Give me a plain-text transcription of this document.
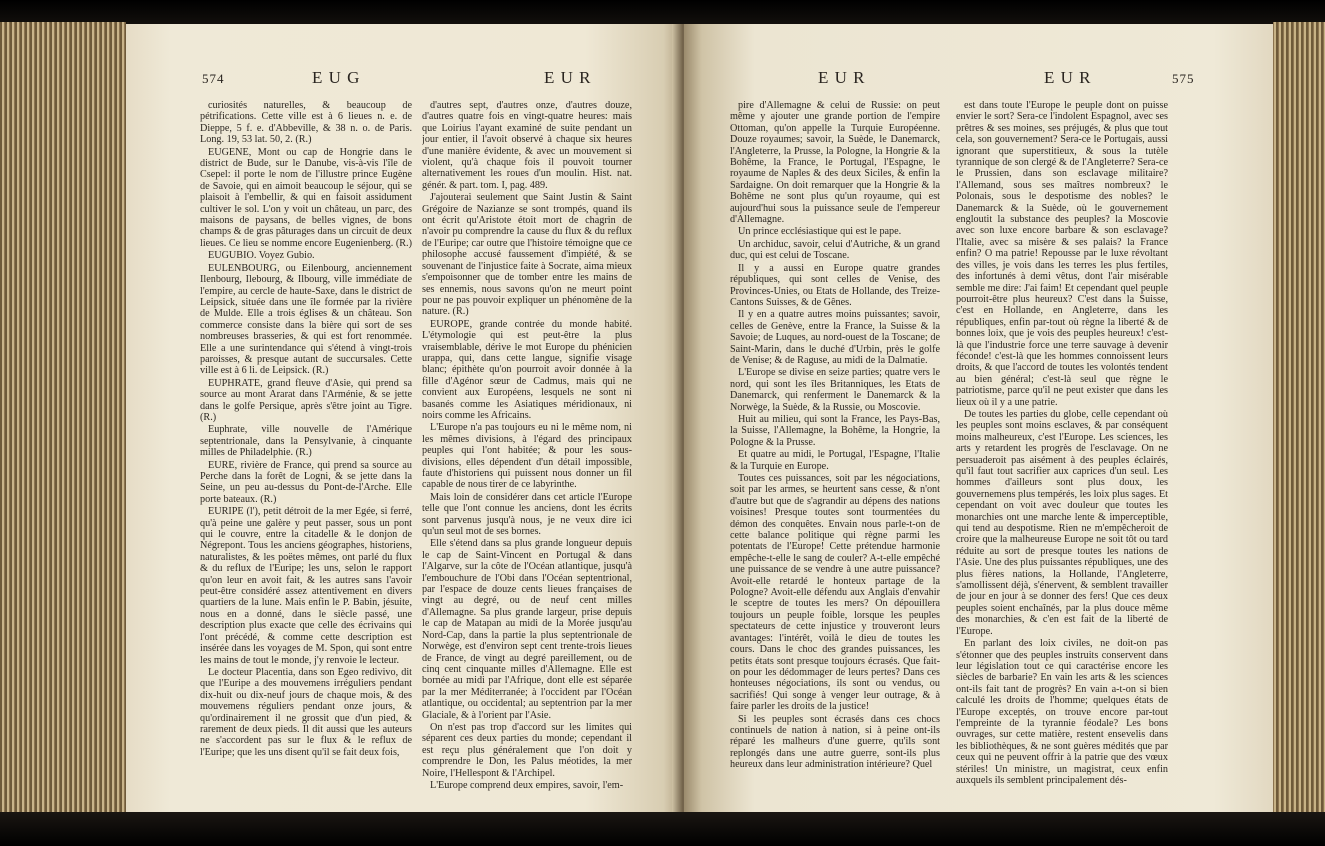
574	E U G	E U R

curiosités naturelles, & beaucoup de pétrifications. Cette ville est à 6 lieues n. e. de Dieppe, 5 f. e. d'Abbeville, & 38 n. o. de Paris. Long. 19, 53 lat. 50, 2. (R.)

EUGENE, Mont ou cap de Hongrie dans le district de Bude, sur le Danube, vis-à-vis l'île de Csepel: il porte le nom de l'illustre prince Eugène de Savoie, qui en aimoit beaucoup le séjour, qui se plaisoit à l'embellir, & qui en faisoit assidument cultiver le sol. L'on y voit un château, un parc, des maisons de paysans, de belles vignes, de bons champs & de gras pâturages dans un circuit de deux lieues. Ce lieu se nomme encore Eugenienberg. (R.)

EUGUBIO. Voyez Gubio.

EULENBOURG, ou Eilenbourg, anciennement Ilenbourg, Ilebourg, & Ilbourg, ville immédiate de l'empire, au cercle de haute-Saxe, dans le district de Leipsick, située dans une île formée par la rivière de Mulde. Elle a trois églises & un château. Son commerce consiste dans la bière qui sort de ses nombreuses brasseries, & qui est fort renommée. Elle a une surintendance qui s'étend à vingt-trois paroisses, & presque autant de succursales. Cette ville est à 6 li. de Leipsick. (R.)

EUPHRATE, grand fleuve d'Asie, qui prend sa source au mont Ararat dans l'Arménie, & se jette dans le golfe Persique, après s'être joint au Tigre. (R.)

Euphrate, ville nouvelle de l'Amérique septentrionale, dans la Pensylvanie, à cinquante milles de Philadelphie. (R.)

EURE, rivière de France, qui prend sa source au Perche dans la forêt de Logni, & se jette dans la Seine, un peu au-dessus du Pont-de-l'Arche. Elle porte bateaux. (R.)

EURIPE (l'), petit détroit de la mer Egée, si ferré, qu'à peine une galère y peut passer, sous un pont qui le couvre, entre la citadelle & le donjon de Négrepont. Tous les anciens géographes, historiens, naturalistes, & les poëtes mêmes, ont parlé du flux & du reflux de l'Euripe; les uns, selon le rapport qu'on leur en avoit fait, & les autres sans l'avoir peut-être considéré assez attentivement en divers quartiers de la lune. Mais enfin le P. Babin, jésuite, nous en a donné, dans le siècle passé, une description plus exacte que celle des écrivains qui l'ont précédé, & comme cette description est insérée dans les voyages de M. Spon, qui sont entre les mains de tout le monde, j'y renvoie le lecteur.

Le docteur Placentia, dans son Egeo redivivo, dit que l'Euripe a des mouvemens irréguliers pendant dix-huit ou dix-neuf jours de chaque mois, & des mouvemens réguliers pendant onze jours, & qu'ordinairement il ne grossit que d'un pied, & rarement de deux pieds. Il dit aussi que les auteurs ne s'accordent pas sur le flux & le reflux de l'Euripe; que les uns disent qu'il se fait deux fois,

d'autres sept, d'autres onze, d'autres douze, d'autres quatre fois en vingt-quatre heures: mais que Loirius l'ayant examiné de suite pendant un jour entier, il l'avoit observé à chaque six heures d'une manière évidente, & avec un mouvement si violent, qu'à chaque fois il pouvoit tourner alternativement les roues d'un moulin. Hist. nat. génér. & part. tom. I, pag. 489.

J'ajouterai seulement que Saint Justin & Saint Grégoire de Nazianze se sont trompés, quand ils ont écrit qu'Aristote étoit mort de chagrin de n'avoir pu comprendre la cause du flux & du reflux de l'Euripe; car outre que l'histoire témoigne que ce philosophe accusé faussement d'impiété, & se souvenant de l'injustice faite à Socrate, aima mieux s'empoisonner que de tomber entre les mains de ses ennemis, nous savons qu'on ne meurt point pour ne pas pouvoir expliquer un phénomène de la nature. (R.)

EUROPE, grande contrée du monde habité. L'étymologie qui est peut-être la plus vraisemblable, dérive le mot Europe du phénicien urappa, qui, dans cette langue, signifie visage blanc; épithète qu'on pourroit avoir donnée à la fille d'Agénor sœur de Cadmus, mais qui ne convient aux Européens, lesquels ne sont ni basanés comme les Asiatiques méridionaux, ni noirs comme les Africains.

L'Europe n'a pas toujours eu ni le même nom, ni les mêmes divisions, à l'égard des principaux peuples qui l'ont habitée; & pour les sous-divisions, elles dépendent d'un détail impossible, faute d'historiens qui puissent nous donner un fil capable de nous tirer de ce labyrinthe.

Mais loin de considérer dans cet article l'Europe telle que l'ont connue les anciens, dont les écrits sont parvenus jusqu'à nous, je ne veux dire ici qu'un seul mot de ses bornes.

Elle s'étend dans sa plus grande longueur depuis le cap de Saint-Vincent en Portugal & dans l'Algarve, sur la côte de l'Océan atlantique, jusqu'à l'embouchure de l'Obi dans l'Océan septentrional, par l'espace de douze cents lieues françaises de vingt au degré, ou de neuf cent milles d'Allemagne. Sa plus grande largeur, prise depuis le cap de Matapan au midi de la Morée jusqu'au Nord-Cap, dans la partie la plus septentrionale de Norwège, est d'environ sept cent trente-trois lieues de France, de vingt au degré pareillement, ou de cinq cent cinquante milles d'Allemagne. Elle est bornée au midi par l'Afrique, dont elle est séparée par la mer Méditerranée; à l'occident par l'Océan atlantique, ou occidental; au septentrion par la mer Glaciale, & à l'orient par l'Asie.

On n'est pas trop d'accord sur les limites qui séparent ces deux parties du monde; cependant il est reçu plus généralement que l'on doit y comprendre le Don, les Palus méotides, la mer Noire, l'Hellespont & l'Archipel.

L'Europe comprend deux empires, savoir, l'em-

E U R	E U R	575

pire d'Allemagne & celui de Russie: on peut même y ajouter une grande portion de l'empire Ottoman, qu'on appelle la Turquie Européenne. Douze royaumes; savoir, la Suède, le Danemarck, l'Angleterre, la Prusse, la Pologne, la Hongrie & la Bohême, la France, le Portugal, l'Espagne, le royaume de Naples & des deux Siciles, & enfin la Sardaigne. On doit remarquer que la Hongrie & la Bohême ne sont plus qu'un royaume, qui est aujourd'hui sous la puissance seule de l'empereur d'Allemagne.

Un prince ecclésiastique qui est le pape.

Un archiduc, savoir, celui d'Autriche, & un grand duc, qui est celui de Toscane.

Il y a aussi en Europe quatre grandes républiques, qui sont celles de Venise, des Provinces-Unies, ou Etats de Hollande, des Treize-Cantons Suisses, & de Gênes.

Il y en a quatre autres moins puissantes; savoir, celles de Genève, entre la France, la Suisse & la Savoie; de Luques, au nord-ouest de la Toscane; de Saint-Marin, dans le duché d'Urbin, près le golfe de Venise; & de Raguse, au midi de la Dalmatie.

L'Europe se divise en seize parties; quatre vers le nord, qui sont les îles Britanniques, les Etats de Danemarck, qui renferment le Danemarck & la Norwège, la Suède, & la Russie, ou Moscovie.

Huit au milieu, qui sont la France, les Pays-Bas, la Suisse, l'Allemagne, la Bohême, la Hongrie, la Pologne & la Prusse.

Et quatre au midi, le Portugal, l'Espagne, l'Italie & la Turquie en Europe.

Toutes ces puissances, soit par les négociations, soit par les armes, se heurtent sans cesse, & n'ont d'autre but que de s'agrandir au dépens des nations voisines! Presque toutes sont tourmentées du démon des conquêtes. Envain nous parle-t-on de cette balance politique qui règne parmi les potentats de l'Europe! Cette prétendue harmonie empêche-t-elle le sang de couler? A-t-elle empêché une puissance de se vendre à une autre puissance? Avoit-elle retardé le honteux partage de la Pologne? Avoit-elle défendu aux Anglais d'envahir le sceptre de toutes les mers? On dépouillera toujours un peuple foible, lorsque les peuples spectateurs de cette injustice y trouveront leurs avantages: l'intérêt, voilà le dieu de toutes les cours. Dans le choc des grandes puissances, les petits états sont presque toujours écrasés. Que fait-on pour les dédommager de leurs pertes? Dans ces honteuses négociations, ils sont ou vendus, ou sacrifiés! Qui songe à venger leur outrage, & à faire parler les droits de la justice!

Si les peuples sont écrasés dans ces chocs continuels de nation à nation, si à peine ont-ils réparé les malheurs d'une guerre, qu'ils sont replongés dans une autre guerre, sont-ils plus heureux dans leur administration intérieure? Quel

est dans toute l'Europe le peuple dont on puisse envier le sort? Sera-ce l'indolent Espagnol, avec ses prêtres & ses moines, ses préjugés, & plus que tout cela, son gouvernement? Sera-ce le Portugais, aussi ignorant que superstitieux, & sous la tutèle tyrannique de son clergé & de l'Angleterre? Sera-ce le Prussien, dans son esclavage militaire? l'Allemand, sous ses maîtres nombreux? le Polonais, sous le despotisme des nobles? le Danemarck & la Suède, où le gouvernement engloutit la substance des peuples? la Moscovie avec son luxe encore barbare & son esclavage? l'Italie, avec sa misère & ses palais? la France enfin? O ma patrie! Repousse par le luxe révoltant des villes, je vois dans les terres les plus fertiles, des infortunés à demi vêtus, dont l'air misérable semble me dire: J'ai faim! Et cependant quel peuple pourroit-être plus heureux? C'est dans la Suisse, c'est en Hollande, en Angleterre, dans les républiques, enfin par-tout où règne la liberté & de bonnes loix, que je vois des peuples heureux! c'est-là que l'industrie force une terre sauvage à devenir féconde! c'est-là que les hommes connoissent leurs droits, & que l'accord de toutes les volontés tendent au bien général; c'est-là seul que règne le patriotisme, parce qu'il ne peut exister que dans les lieux où il y a une patrie.

De toutes les parties du globe, celle cependant où les peuples sont moins esclaves, & par conséquent moins malheureux, c'est l'Europe. Les sciences, les arts y retardent les progrès de l'esclavage. On ne persuaderoit pas aisément à des peuples éclairés, qu'il faut tout sacrifier aux caprices d'un seul. Les hommes d'ailleurs sont plus doux, les gouvernemens plus tempérés, les loix plus sages. Et cependant on voit avec douleur que toutes les monarchies ont une marche lente & imperceptible, qui tend au despotisme. Rien ne m'empêcheroit de croire que la malheureuse Europe ne soit tôt ou tard réduite au sort de presque toutes les nations de l'Asie. Une des plus puissantes républiques, une des plus fières nations, la Hollande, l'Angleterre, s'amollissent déjà, s'énervent, & semblent travailler de jour en jour à se donner des fers! Que ces deux peuples soient enchaînés, par la plus douce même des monarchies, & c'en est fait de la liberté de l'Europe.

En parlant des loix civiles, ne doit-on pas s'étonner que des peuples instruits conservent dans leur législation tout ce qui caractérise encore les siècles de barbarie? En vain les arts & les sciences ont-ils fait tant de progrès? En vain a-t-on si bien calculé les droits de l'homme; quelques états de l'Europe exceptés, on trouve encore par-tout l'empreinte de la tyrannie féodale? Les bons ouvrages, sur cette matière, restent ensevelis dans les bibliothèques, & ne sont guères médités que par ceux qui ne peuvent offrir à la patrie que des vœux stériles! Un ministre, un magistrat, ceux enfin auxquels ils semblent principalement dés-
